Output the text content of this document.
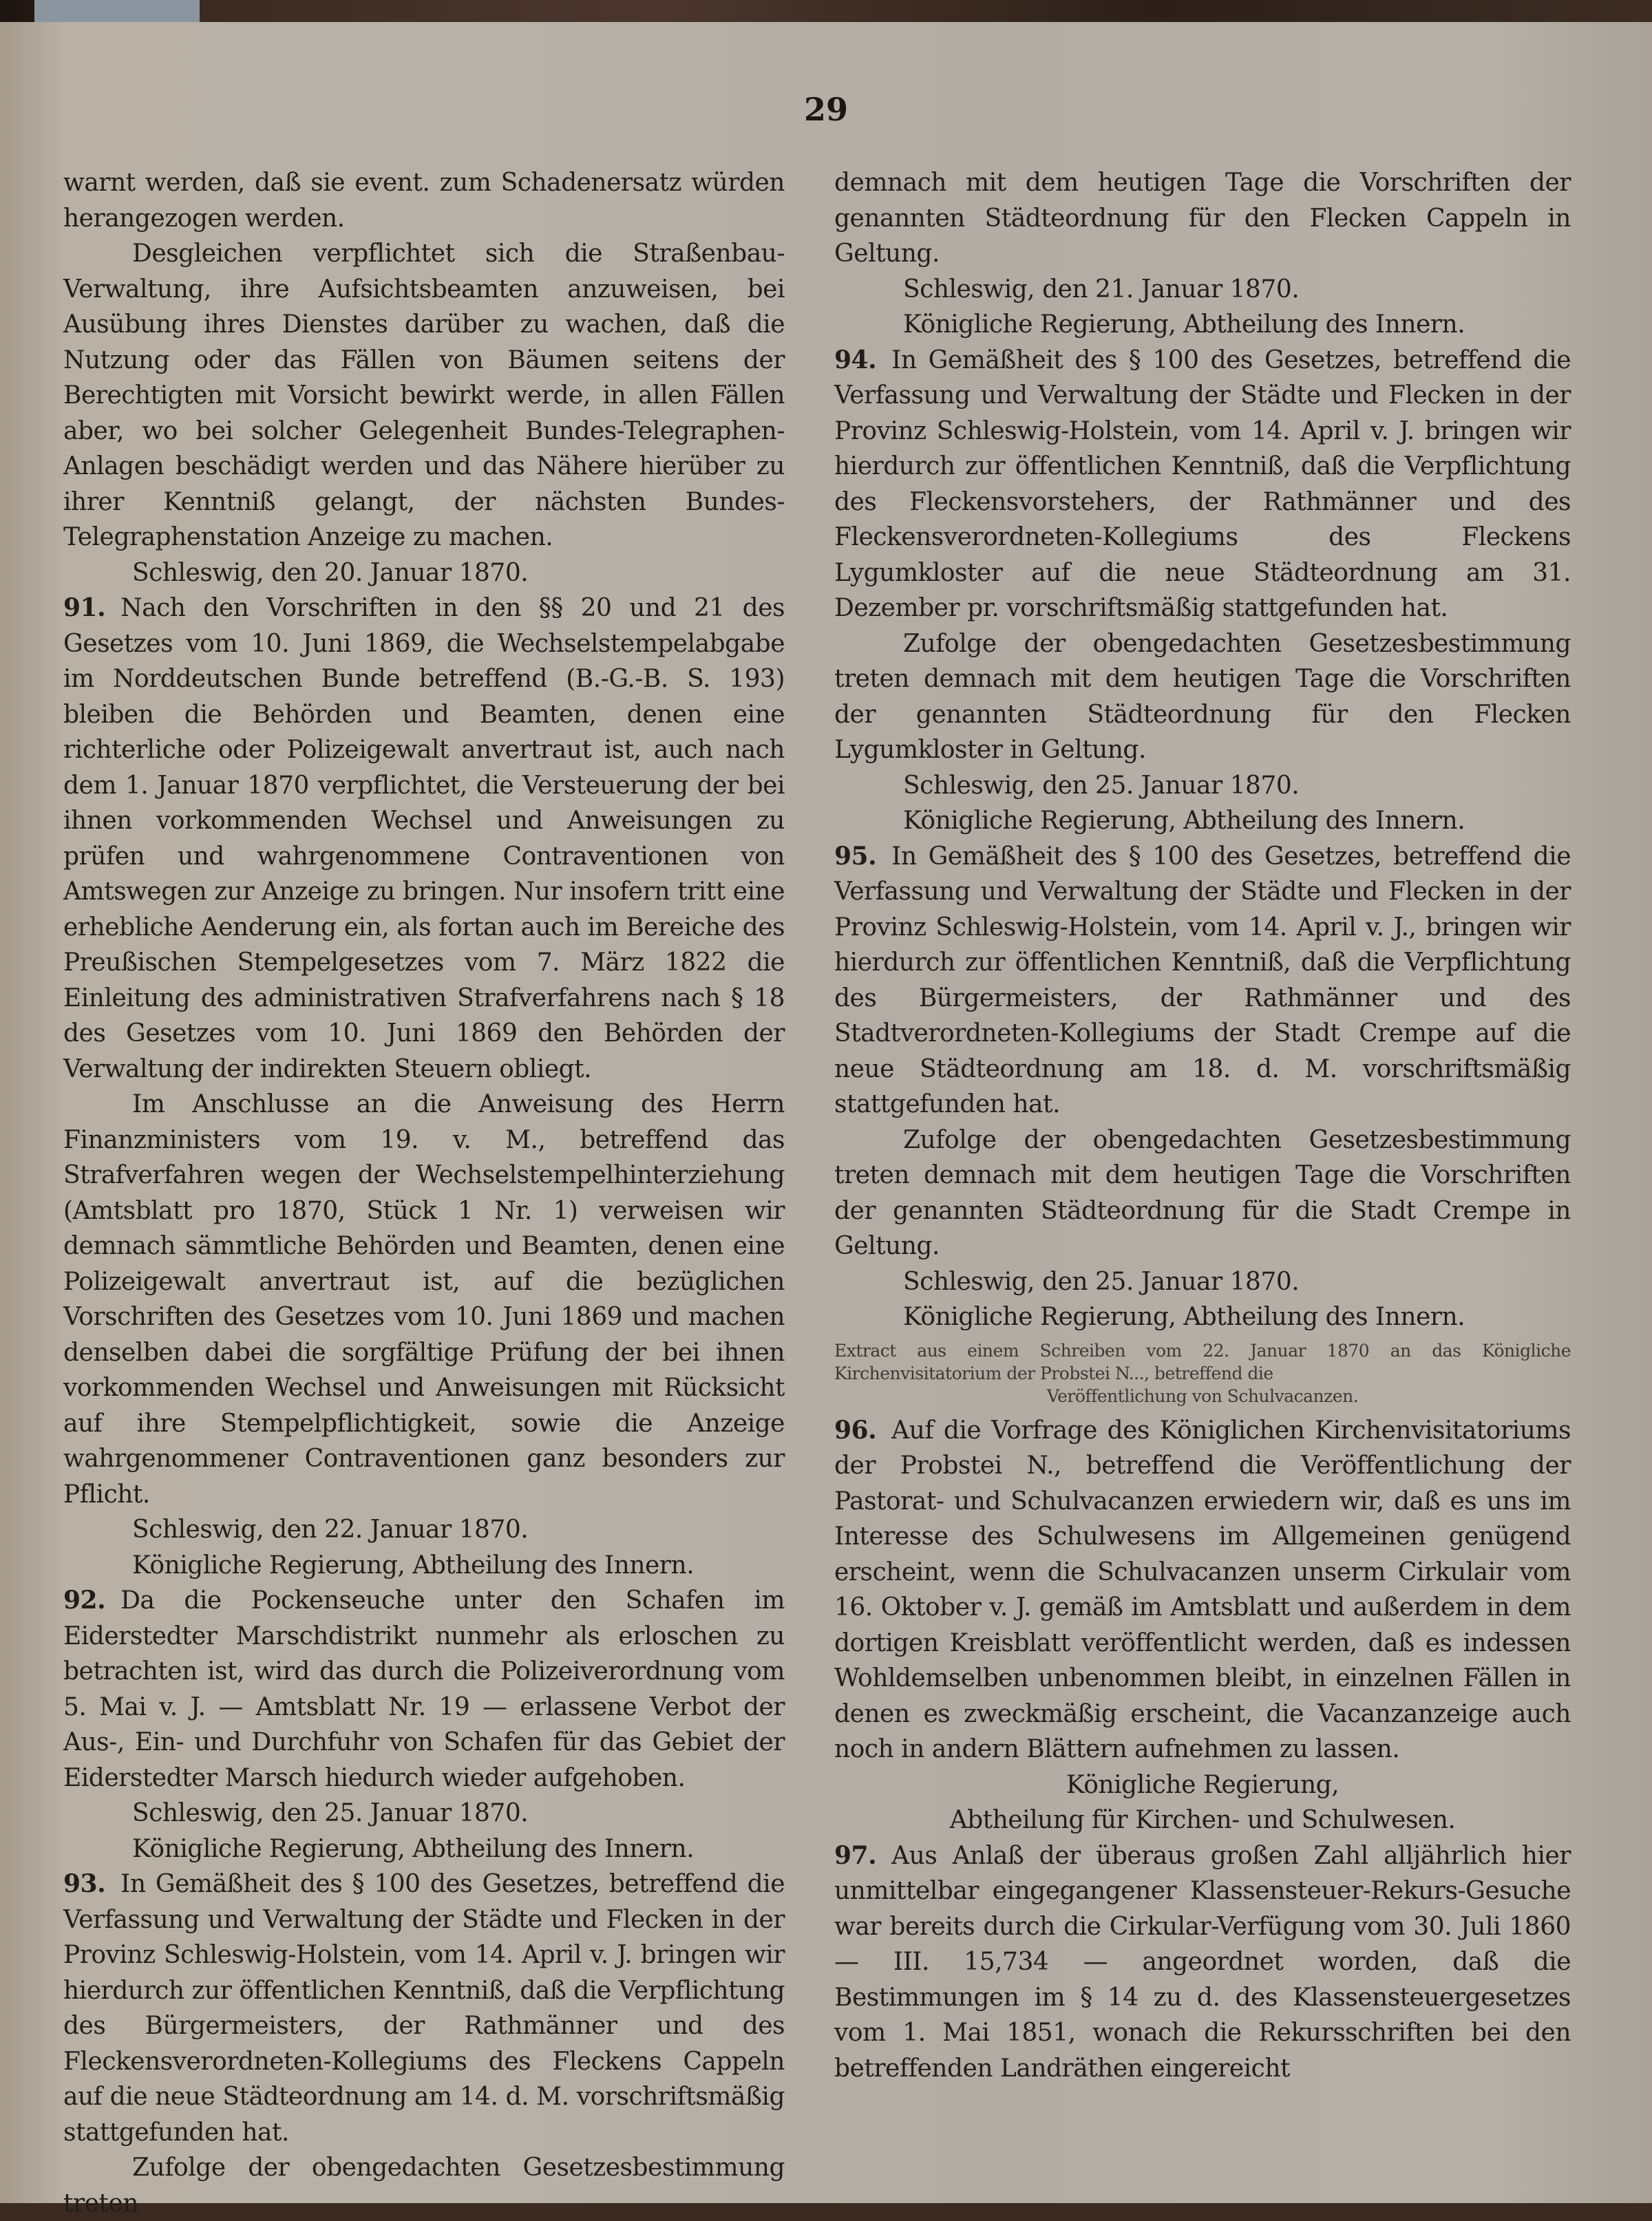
29

warnt werden, daß sie event. zum Schadenersatz würden herangezogen werden.

Desgleichen verpflichtet sich die Straßenbau-Verwaltung, ihre Aufsichtsbeamten anzuweisen, bei Ausübung ihres Dienstes darüber zu wachen, daß die Nutzung oder das Fällen von Bäumen seitens der Berechtigten mit Vorsicht bewirkt werde, in allen Fällen aber, wo bei solcher Gelegenheit Bundes-Telegraphen-Anlagen beschädigt werden und das Nähere hierüber zu ihrer Kenntniß gelangt, der nächsten Bundes-Telegraphenstation Anzeige zu machen.

Schleswig, den 20. Januar 1870.

91. Nach den Vorschriften in den §§ 20 und 21 des Gesetzes vom 10. Juni 1869, die Wechselstempelabgabe im Norddeutschen Bunde betreffend (B.-G.-B. S. 193) bleiben die Behörden und Beamten, denen eine richterliche oder Polizeigewalt anvertraut ist, auch nach dem 1. Januar 1870 verpflichtet, die Versteuerung der bei ihnen vorkommenden Wechsel und Anweisungen zu prüfen und wahrgenommene Contraventionen von Amtswegen zur Anzeige zu bringen. Nur insofern tritt eine erhebliche Aenderung ein, als fortan auch im Bereiche des Preußischen Stempelgesetzes vom 7. März 1822 die Einleitung des administrativen Strafverfahrens nach § 18 des Gesetzes vom 10. Juni 1869 den Behörden der Verwaltung der indirekten Steuern obliegt.

Im Anschlusse an die Anweisung des Herrn Finanzministers vom 19. v. M., betreffend das Strafverfahren wegen der Wechselstempelhinterziehung (Amtsblatt pro 1870, Stück 1 Nr. 1) verweisen wir demnach sämmtliche Behörden und Beamten, denen eine Polizeigewalt anvertraut ist, auf die bezüglichen Vorschriften des Gesetzes vom 10. Juni 1869 und machen denselben dabei die sorgfältige Prüfung der bei ihnen vorkommenden Wechsel und Anweisungen mit Rücksicht auf ihre Stempelpflichtigkeit, sowie die Anzeige wahrgenommener Contraventionen ganz besonders zur Pflicht.

Schleswig, den 22. Januar 1870.

Königliche Regierung, Abtheilung des Innern.

92. Da die Pockenseuche unter den Schafen im Eiderstedter Marschdistrikt nunmehr als erloschen zu betrachten ist, wird das durch die Polizeiverordnung vom 5. Mai v. J. — Amtsblatt Nr. 19 — erlassene Verbot der Aus-, Ein- und Durchfuhr von Schafen für das Gebiet der Eiderstedter Marsch hiedurch wieder aufgehoben.

Schleswig, den 25. Januar 1870.

Königliche Regierung, Abtheilung des Innern.

93. In Gemäßheit des § 100 des Gesetzes, betreffend die Verfassung und Verwaltung der Städte und Flecken in der Provinz Schleswig-Holstein, vom 14. April v. J. bringen wir hierdurch zur öffentlichen Kenntniß, daß die Verpflichtung des Bürgermeisters, der Rathmänner und des Fleckensverordneten-Kollegiums des Fleckens Cappeln auf die neue Städteordnung am 14. d. M. vorschriftsmäßig stattgefunden hat.

Zufolge der obengedachten Gesetzesbestimmung treten

demnach mit dem heutigen Tage die Vorschriften der genannten Städteordnung für den Flecken Cappeln in Geltung.

Schleswig, den 21. Januar 1870.

Königliche Regierung, Abtheilung des Innern.

94. In Gemäßheit des § 100 des Gesetzes, betreffend die Verfassung und Verwaltung der Städte und Flecken in der Provinz Schleswig-Holstein, vom 14. April v. J. bringen wir hierdurch zur öffentlichen Kenntniß, daß die Verpflichtung des Fleckensvorstehers, der Rathmänner und des Fleckensverordneten-Kollegiums des Fleckens Lygumkloster auf die neue Städteordnung am 31. Dezember pr. vorschriftsmäßig stattgefunden hat.

Zufolge der obengedachten Gesetzesbestimmung treten demnach mit dem heutigen Tage die Vorschriften der genannten Städteordnung für den Flecken Lygumkloster in Geltung.

Schleswig, den 25. Januar 1870.

Königliche Regierung, Abtheilung des Innern.

95. In Gemäßheit des § 100 des Gesetzes, betreffend die Verfassung und Verwaltung der Städte und Flecken in der Provinz Schleswig-Holstein, vom 14. April v. J., bringen wir hierdurch zur öffentlichen Kenntniß, daß die Verpflichtung des Bürgermeisters, der Rathmänner und des Stadtverordneten-Kollegiums der Stadt Crempe auf die neue Städteordnung am 18. d. M. vorschriftsmäßig stattgefunden hat.

Zufolge der obengedachten Gesetzesbestimmung treten demnach mit dem heutigen Tage die Vorschriften der genannten Städteordnung für die Stadt Crempe in Geltung.

Schleswig, den 25. Januar 1870.

Königliche Regierung, Abtheilung des Innern.

Extract aus einem Schreiben vom 22. Januar 1870 an das Königliche Kirchenvisitatorium der Probstei N..., betreffend die
Veröffentlichung von Schulvacanzen.

96. Auf die Vorfrage des Königlichen Kirchenvisitatoriums der Probstei N., betreffend die Veröffentlichung der Pastorat- und Schulvacanzen erwiedern wir, daß es uns im Interesse des Schulwesens im Allgemeinen genügend erscheint, wenn die Schulvacanzen unserm Cirkulair vom 16. Oktober v. J. gemäß im Amtsblatt und außerdem in dem dortigen Kreisblatt veröffentlicht werden, daß es indessen Wohldemselben unbenommen bleibt, in einzelnen Fällen in denen es zweckmäßig erscheint, die Vacanzanzeige auch noch in andern Blättern aufnehmen zu lassen.

Königliche Regierung,

Abtheilung für Kirchen- und Schulwesen.

97. Aus Anlaß der überaus großen Zahl alljährlich hier unmittelbar eingegangener Klassensteuer-Rekurs-Gesuche war bereits durch die Cirkular-Verfügung vom 30. Juli 1860 — III. 15,734 — angeordnet worden, daß die Bestimmungen im § 14 zu d. des Klassensteuergesetzes vom 1. Mai 1851, wonach die Rekursschriften bei den betreffenden Landräthen eingereicht
